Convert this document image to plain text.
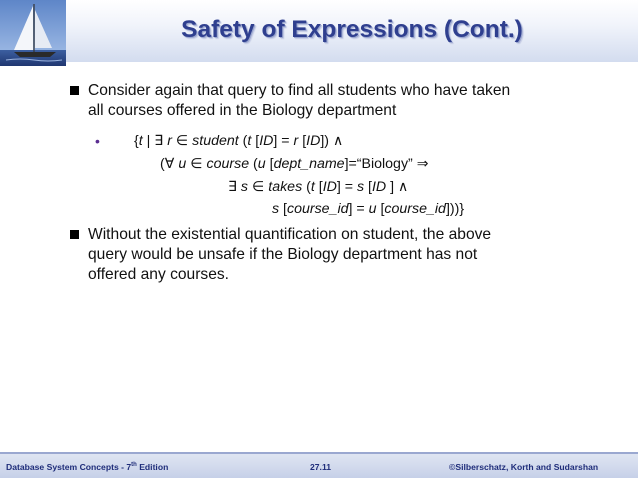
Safety of Expressions (Cont.)
Consider again that query to find all students who have taken
all courses offered in the Biology department
• {t | ∃ r ∈ student (t [ID] = r [ID]) ∧
(∀ u ∈ course (u [dept_name]=“Biology” ⇒
∃ s ∈ takes (t [ID] = s [ID ] ∧
s [course_id] = u [course_id]))}
Without the existential quantification on student, the above
query would be unsafe if the Biology department has not
offered any courses.
Database System Concepts - 7th Edition	27.11	©Silberschatz, Korth and Sudarshan
